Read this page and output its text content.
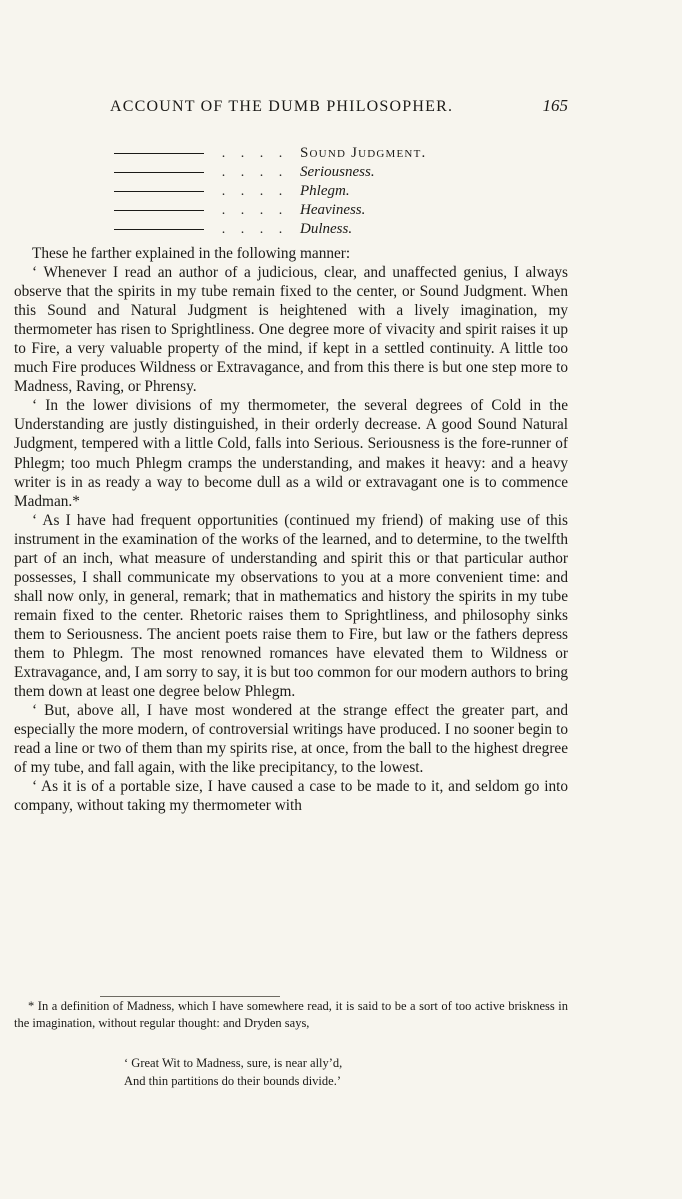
ACCOUNT OF THE DUMB PHILOSOPHER.	165
. . . . Sound Judgment.
. . . . Seriousness.
. . . . Phlegm.
. . . . Heaviness.
. . . . Dulness.

These he farther explained in the following manner:

‘ Whenever I read an author of a judicious, clear, and unaffected genius, I always observe that the spirits in my tube remain fixed to the center, or Sound Judgment. When this Sound and Natural Judgment is heightened with a lively imagination, my thermometer has risen to Sprightliness. One degree more of vivacity and spirit raises it up to Fire, a very valuable property of the mind, if kept in a settled continuity. A little too much Fire produces Wildness or Extravagance, and from this there is but one step more to Madness, Raving, or Phrensy.

‘ In the lower divisions of my thermometer, the several degrees of Cold in the Understanding are justly distinguished, in their orderly decrease. A good Sound Natural Judgment, tempered with a little Cold, falls into Serious. Seriousness is the fore-runner of Phlegm; too much Phlegm cramps the understanding, and makes it heavy: and a heavy writer is in as ready a way to become dull as a wild or extravagant one is to commence Madman.*

‘ As I have had frequent opportunities (continued my friend) of making use of this instrument in the examination of the works of the learned, and to determine, to the twelfth part of an inch, what measure of understanding and spirit this or that particular author possesses, I shall communicate my observations to you at a more convenient time: and shall now only, in general, remark; that in mathematics and history the spirits in my tube remain fixed to the center. Rhetoric raises them to Sprightliness, and philosophy sinks them to Seriousness. The ancient poets raise them to Fire, but law or the fathers depress them to Phlegm. The most renowned romances have elevated them to Wildness or Extravagance, and, I am sorry to say, it is but too common for our modern authors to bring them down at least one degree below Phlegm.

‘ But, above all, I have most wondered at the strange effect the greater part, and especially the more modern, of controversial writings have produced. I no sooner begin to read a line or two of them than my spirits rise, at once, from the ball to the highest dregree of my tube, and fall again, with the like precipitancy, to the lowest.

‘ As it is of a portable size, I have caused a case to be made to it, and seldom go into company, without taking my thermometer with

* In a definition of Madness, which I have somewhere read, it is said to be a sort of too active briskness in the imagination, without regular thought: and Dryden says,

‘ Great Wit to Madness, sure, is near ally’d,
And thin partitions do their bounds divide.’
